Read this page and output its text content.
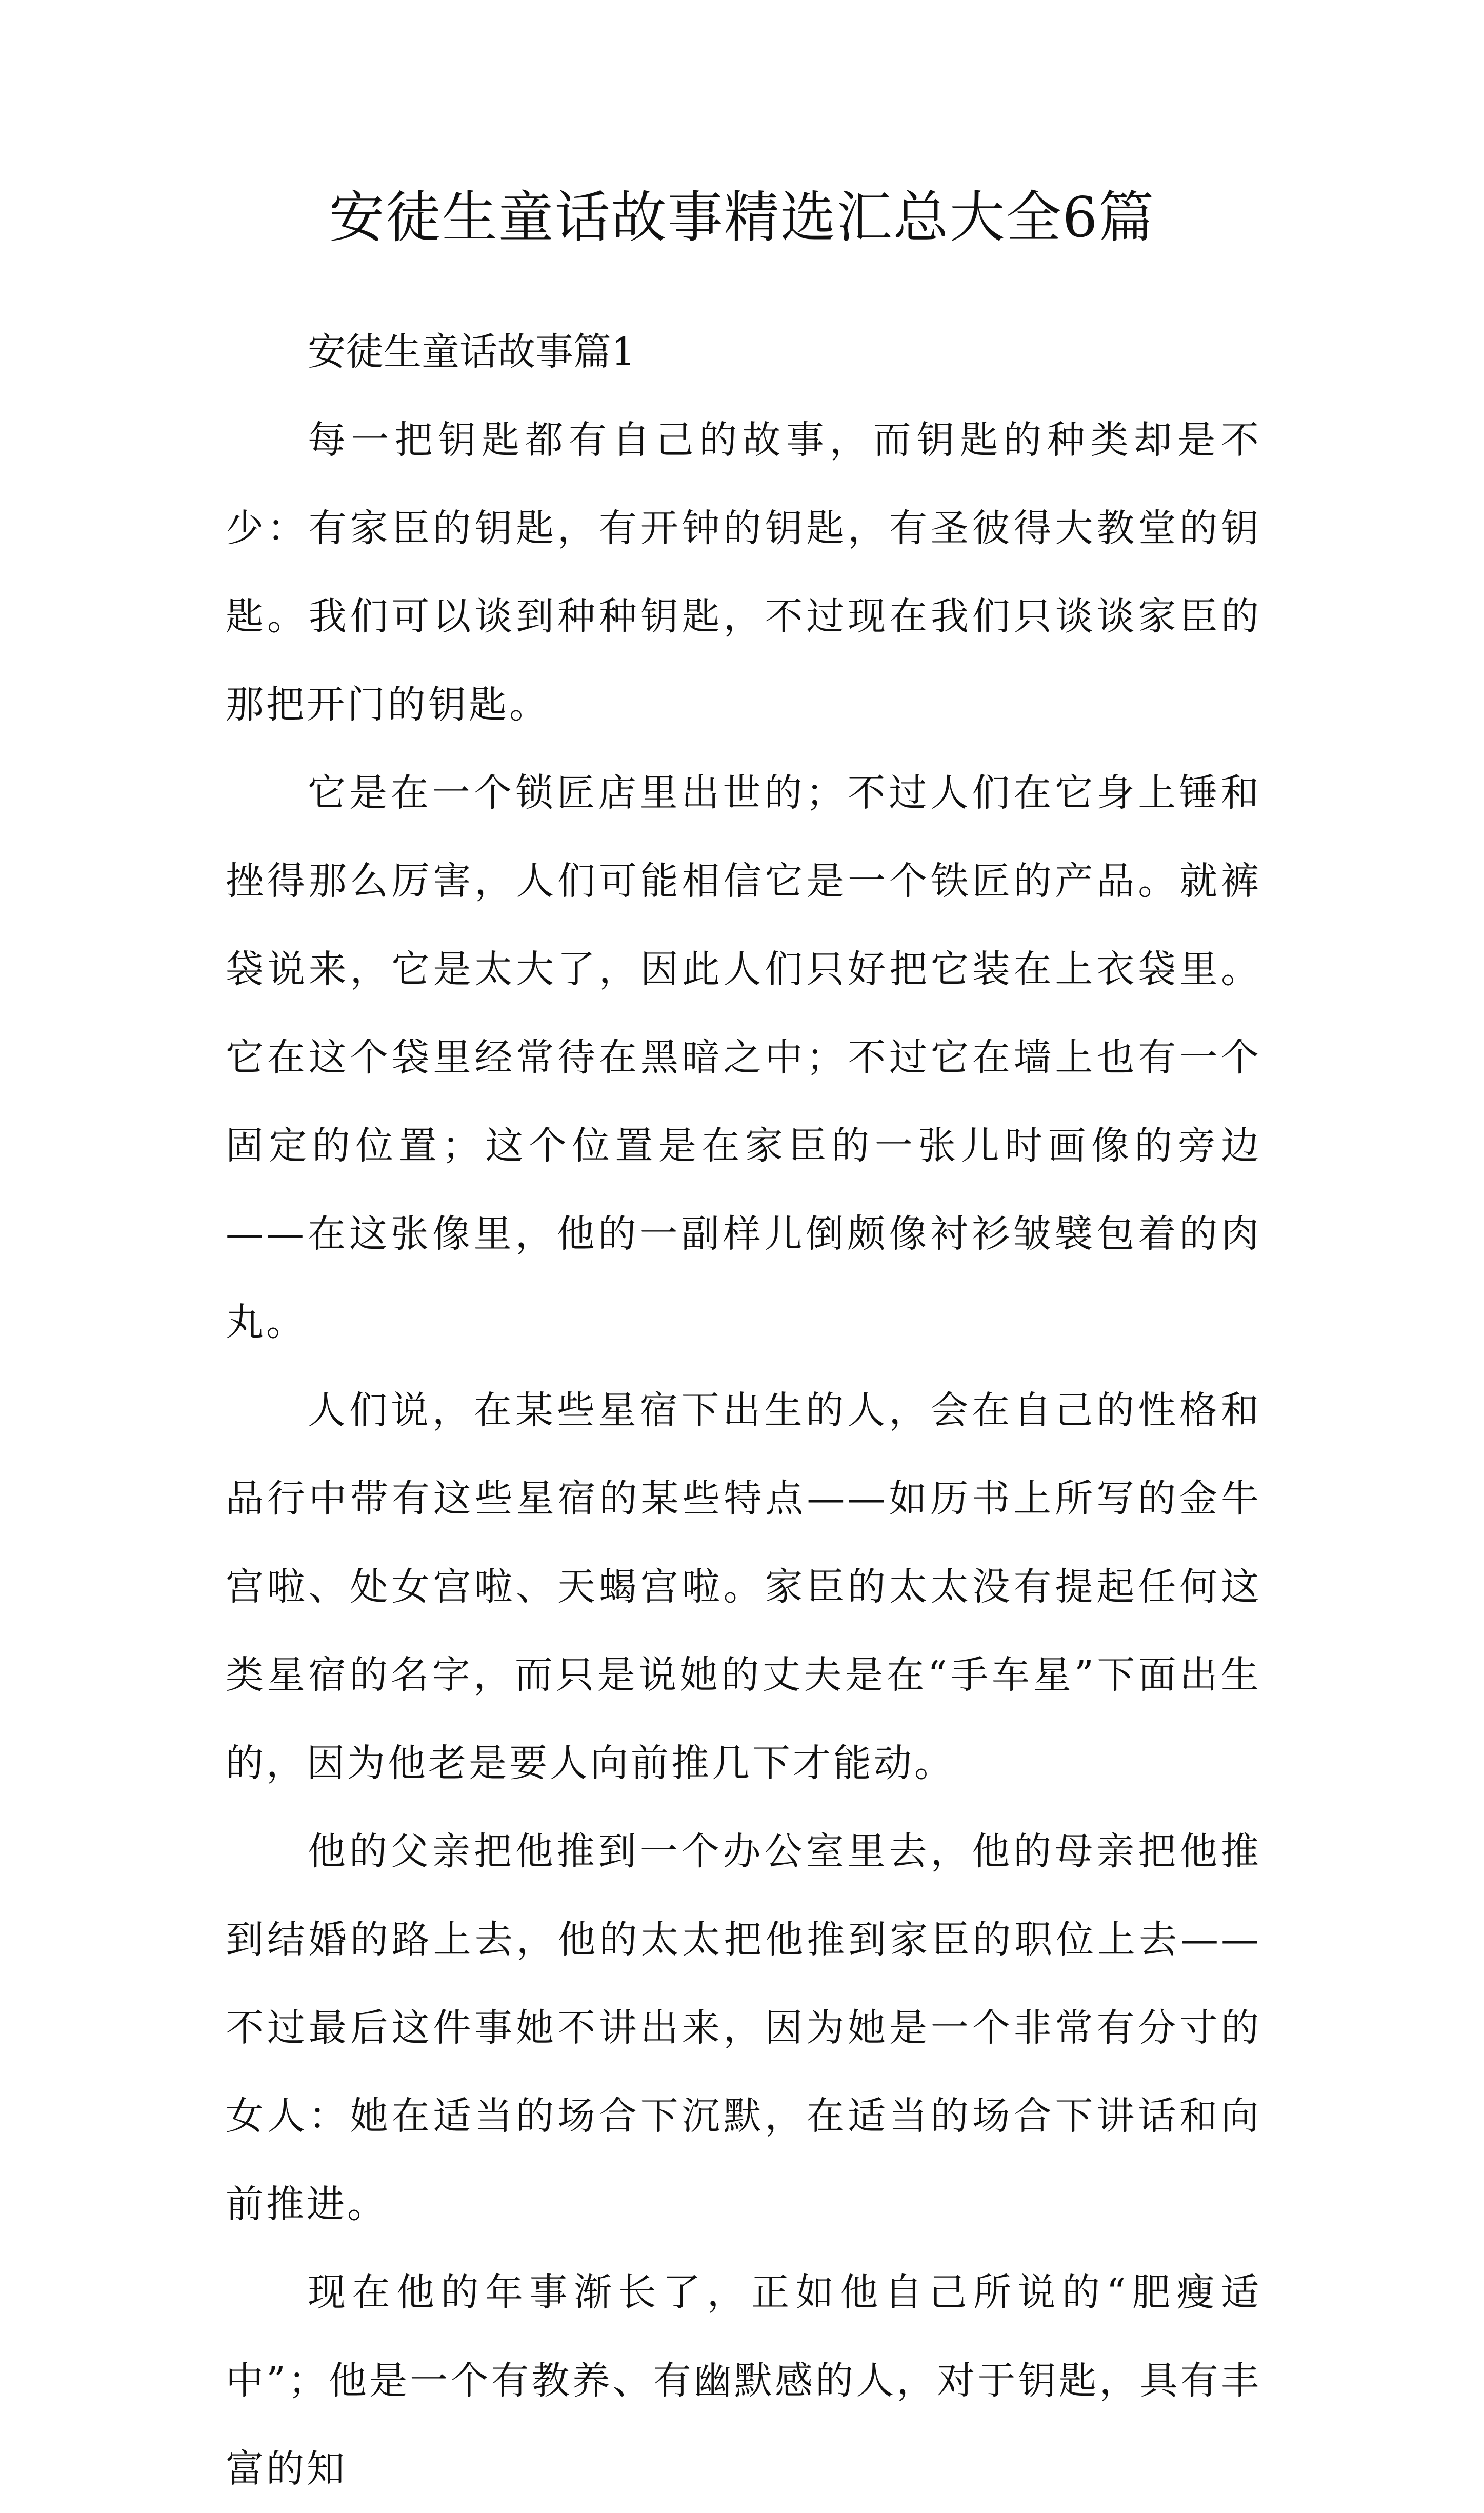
安徒生童话故事精选汇总大全6篇
安徒生童话故事篇1

每一把钥匙都有自己的故事，而钥匙的种类却是不少：有家臣的钥匙，有开钟的钥匙，有圣彼得大教堂的钥匙。我们可以谈到种种钥匙，不过现在我们只谈谈家臣的那把开门的钥匙。

它是在一个锁匠店里出世的；不过人们在它身上锤和挫得那么厉害，人们可能相信它是一个铁匠的产品。就裤袋说来，它是太大了，因此人们只好把它装在上衣袋里。它在这个袋里经常待在黑暗之中；不过它在墙上也有一个固定的位置；这个位置是在家臣的一张儿时画像的旁边——在这张像里，他的一副样儿倒颇像衬衫皱襞包着的肉丸。

人们说，在某些星宿下出生的人，会在自己的性格和品行中带有这些星宿的某些特点——如历书上所写的金牛宫啦、处女宫啦、天蝎宫啦。家臣的太太没有提起任何这类星宿的名字，而只是说她的丈夫是在“手车星”下面出生的，因为他老是要人向前推几下才能动。

他的父亲把他推到一个办公室里去，他的母亲把他推到结婚的路上去，他的太太把他推到家臣的职位上去——不过最后这件事她不讲出来，因为她是一个非常有分寸的女人：她在适当的场合下沉默，在适当的场合下讲话和向前推进。

现在他的年事渐长了，正如他自己所说的“肥瘦适中”；他是一个有教养、有幽默感的人，对于钥匙，具有丰富的知
